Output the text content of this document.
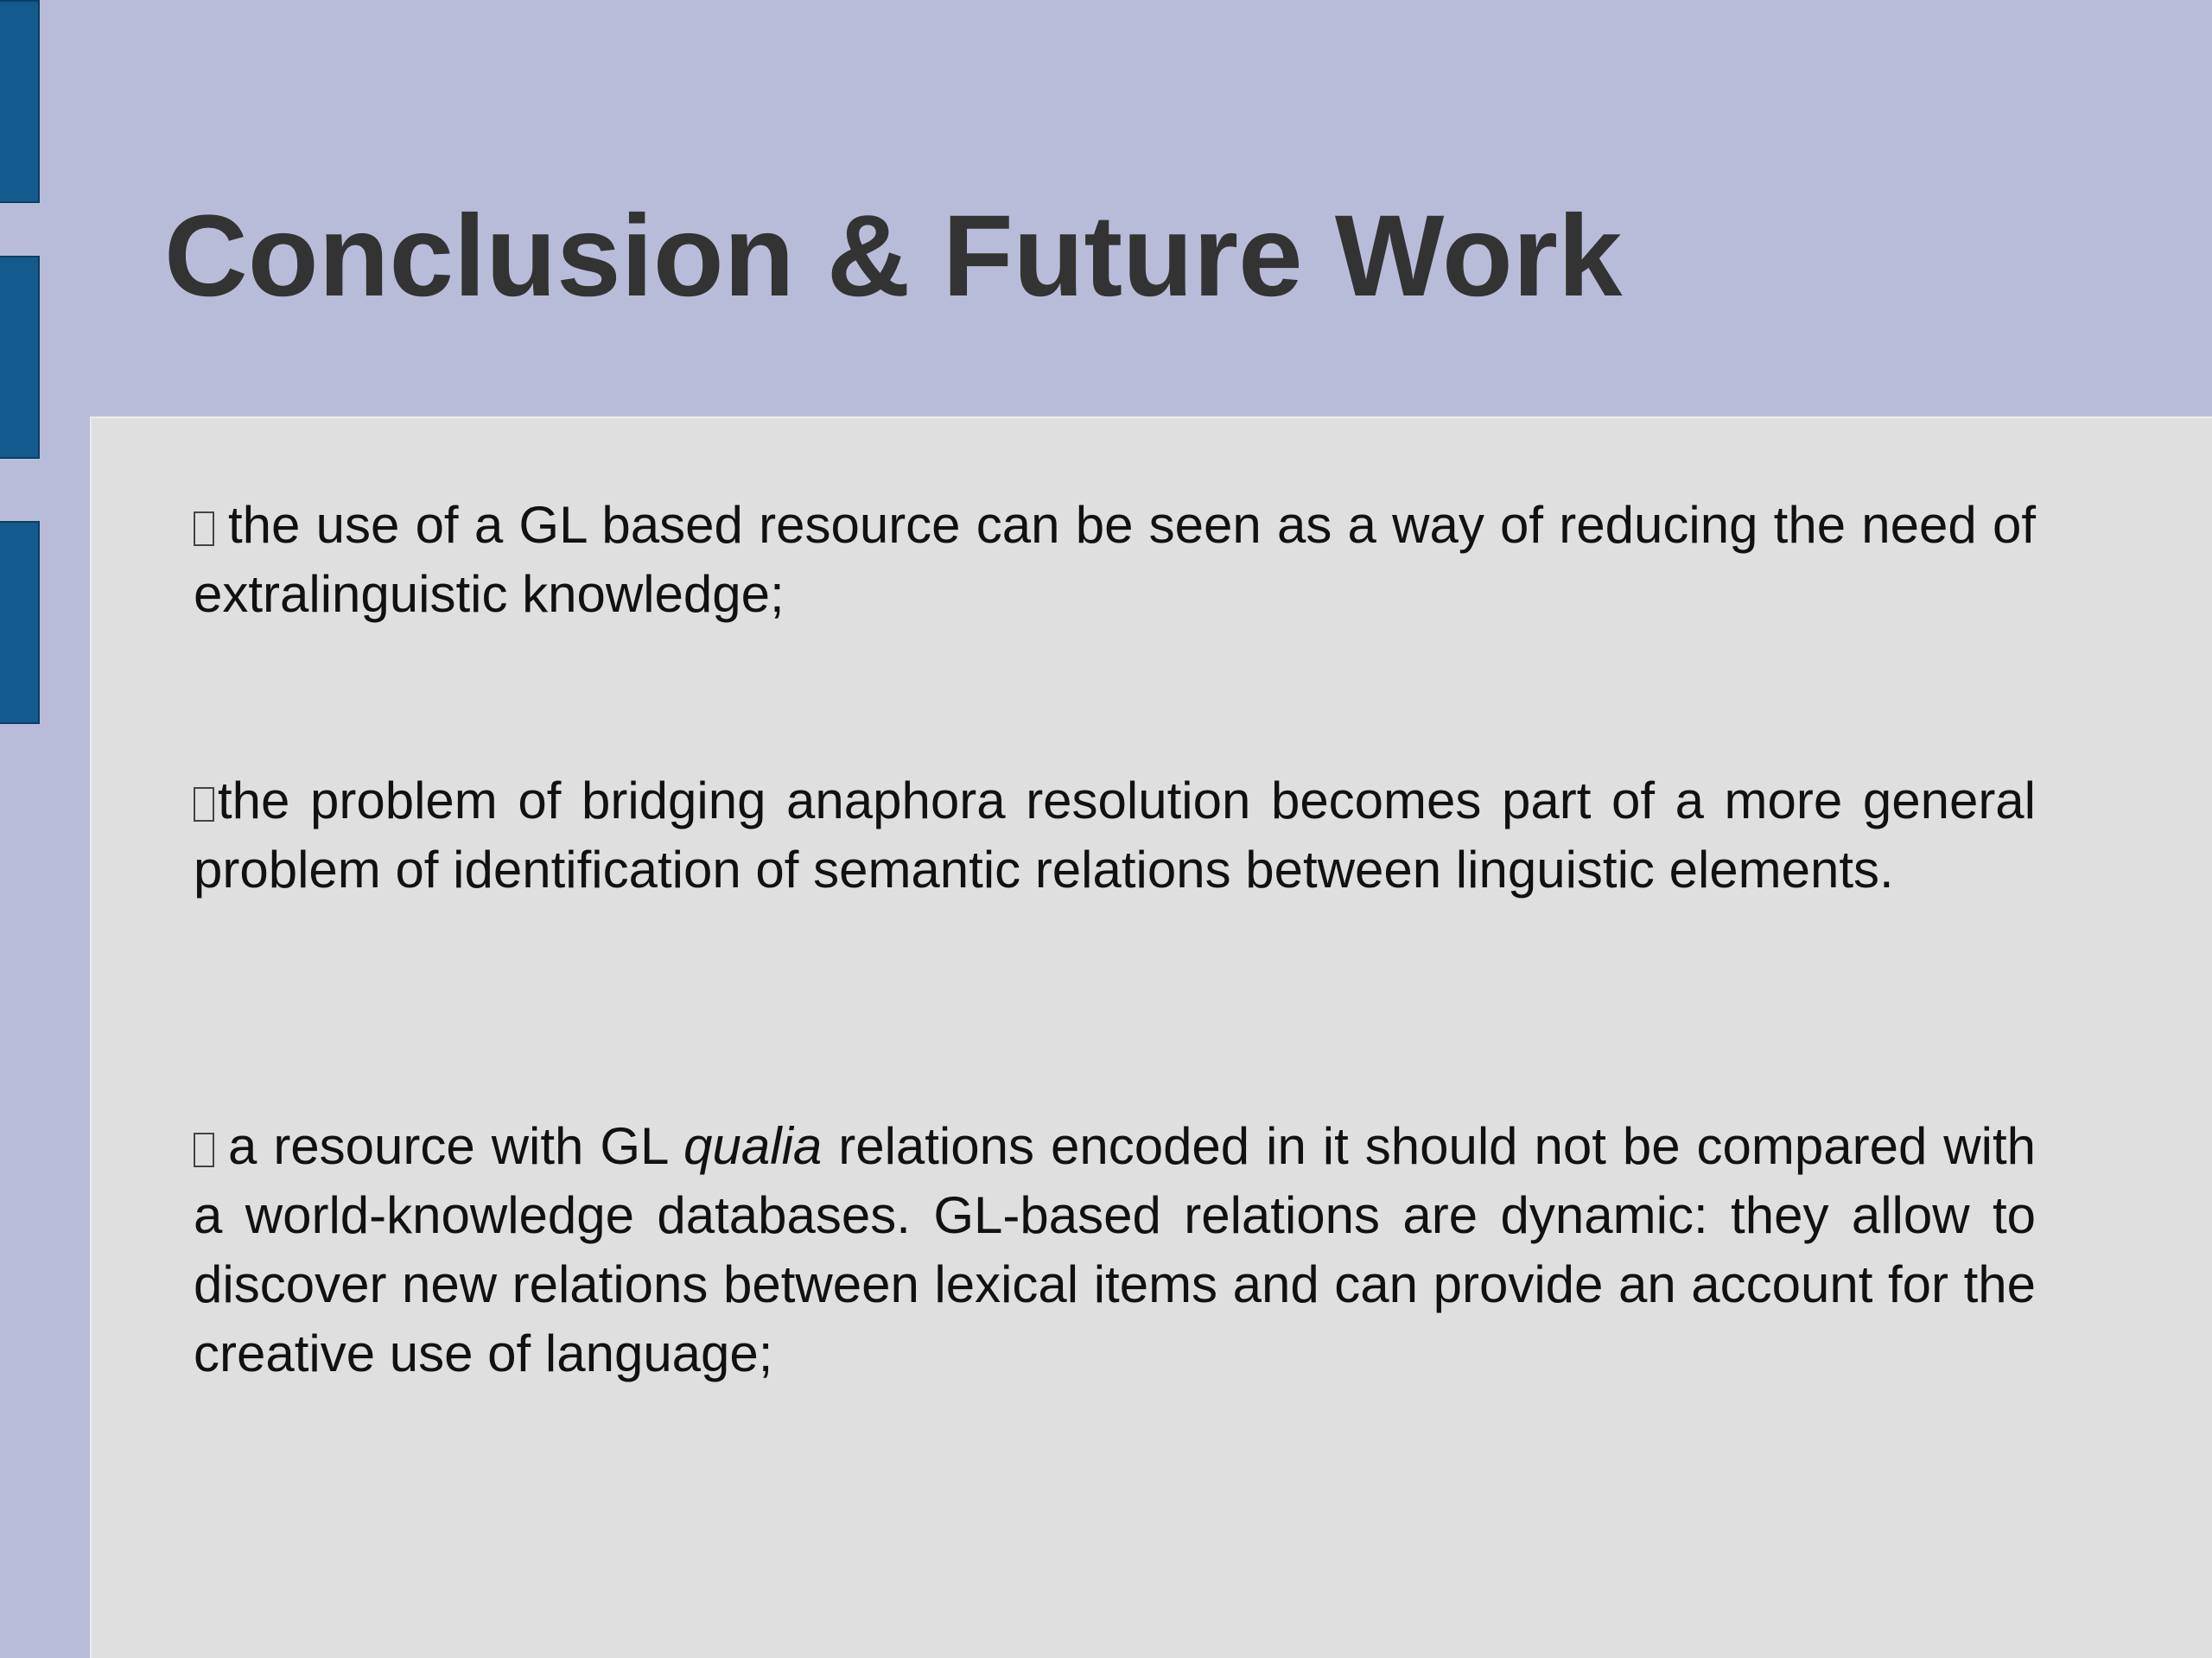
Conclusion & Future Work

the use of a GL based resource can be seen as a way of reducing the need of extralinguistic knowledge;

the problem of bridging anaphora resolution becomes part of a more general problem of identification of semantic relations between linguistic elements.

a resource with GL qualia relations encoded in it should not be compared with a world-knowledge databases. GL-based relations are dynamic: they allow to discover new relations between lexical items and can provide an account for the creative use of language;
